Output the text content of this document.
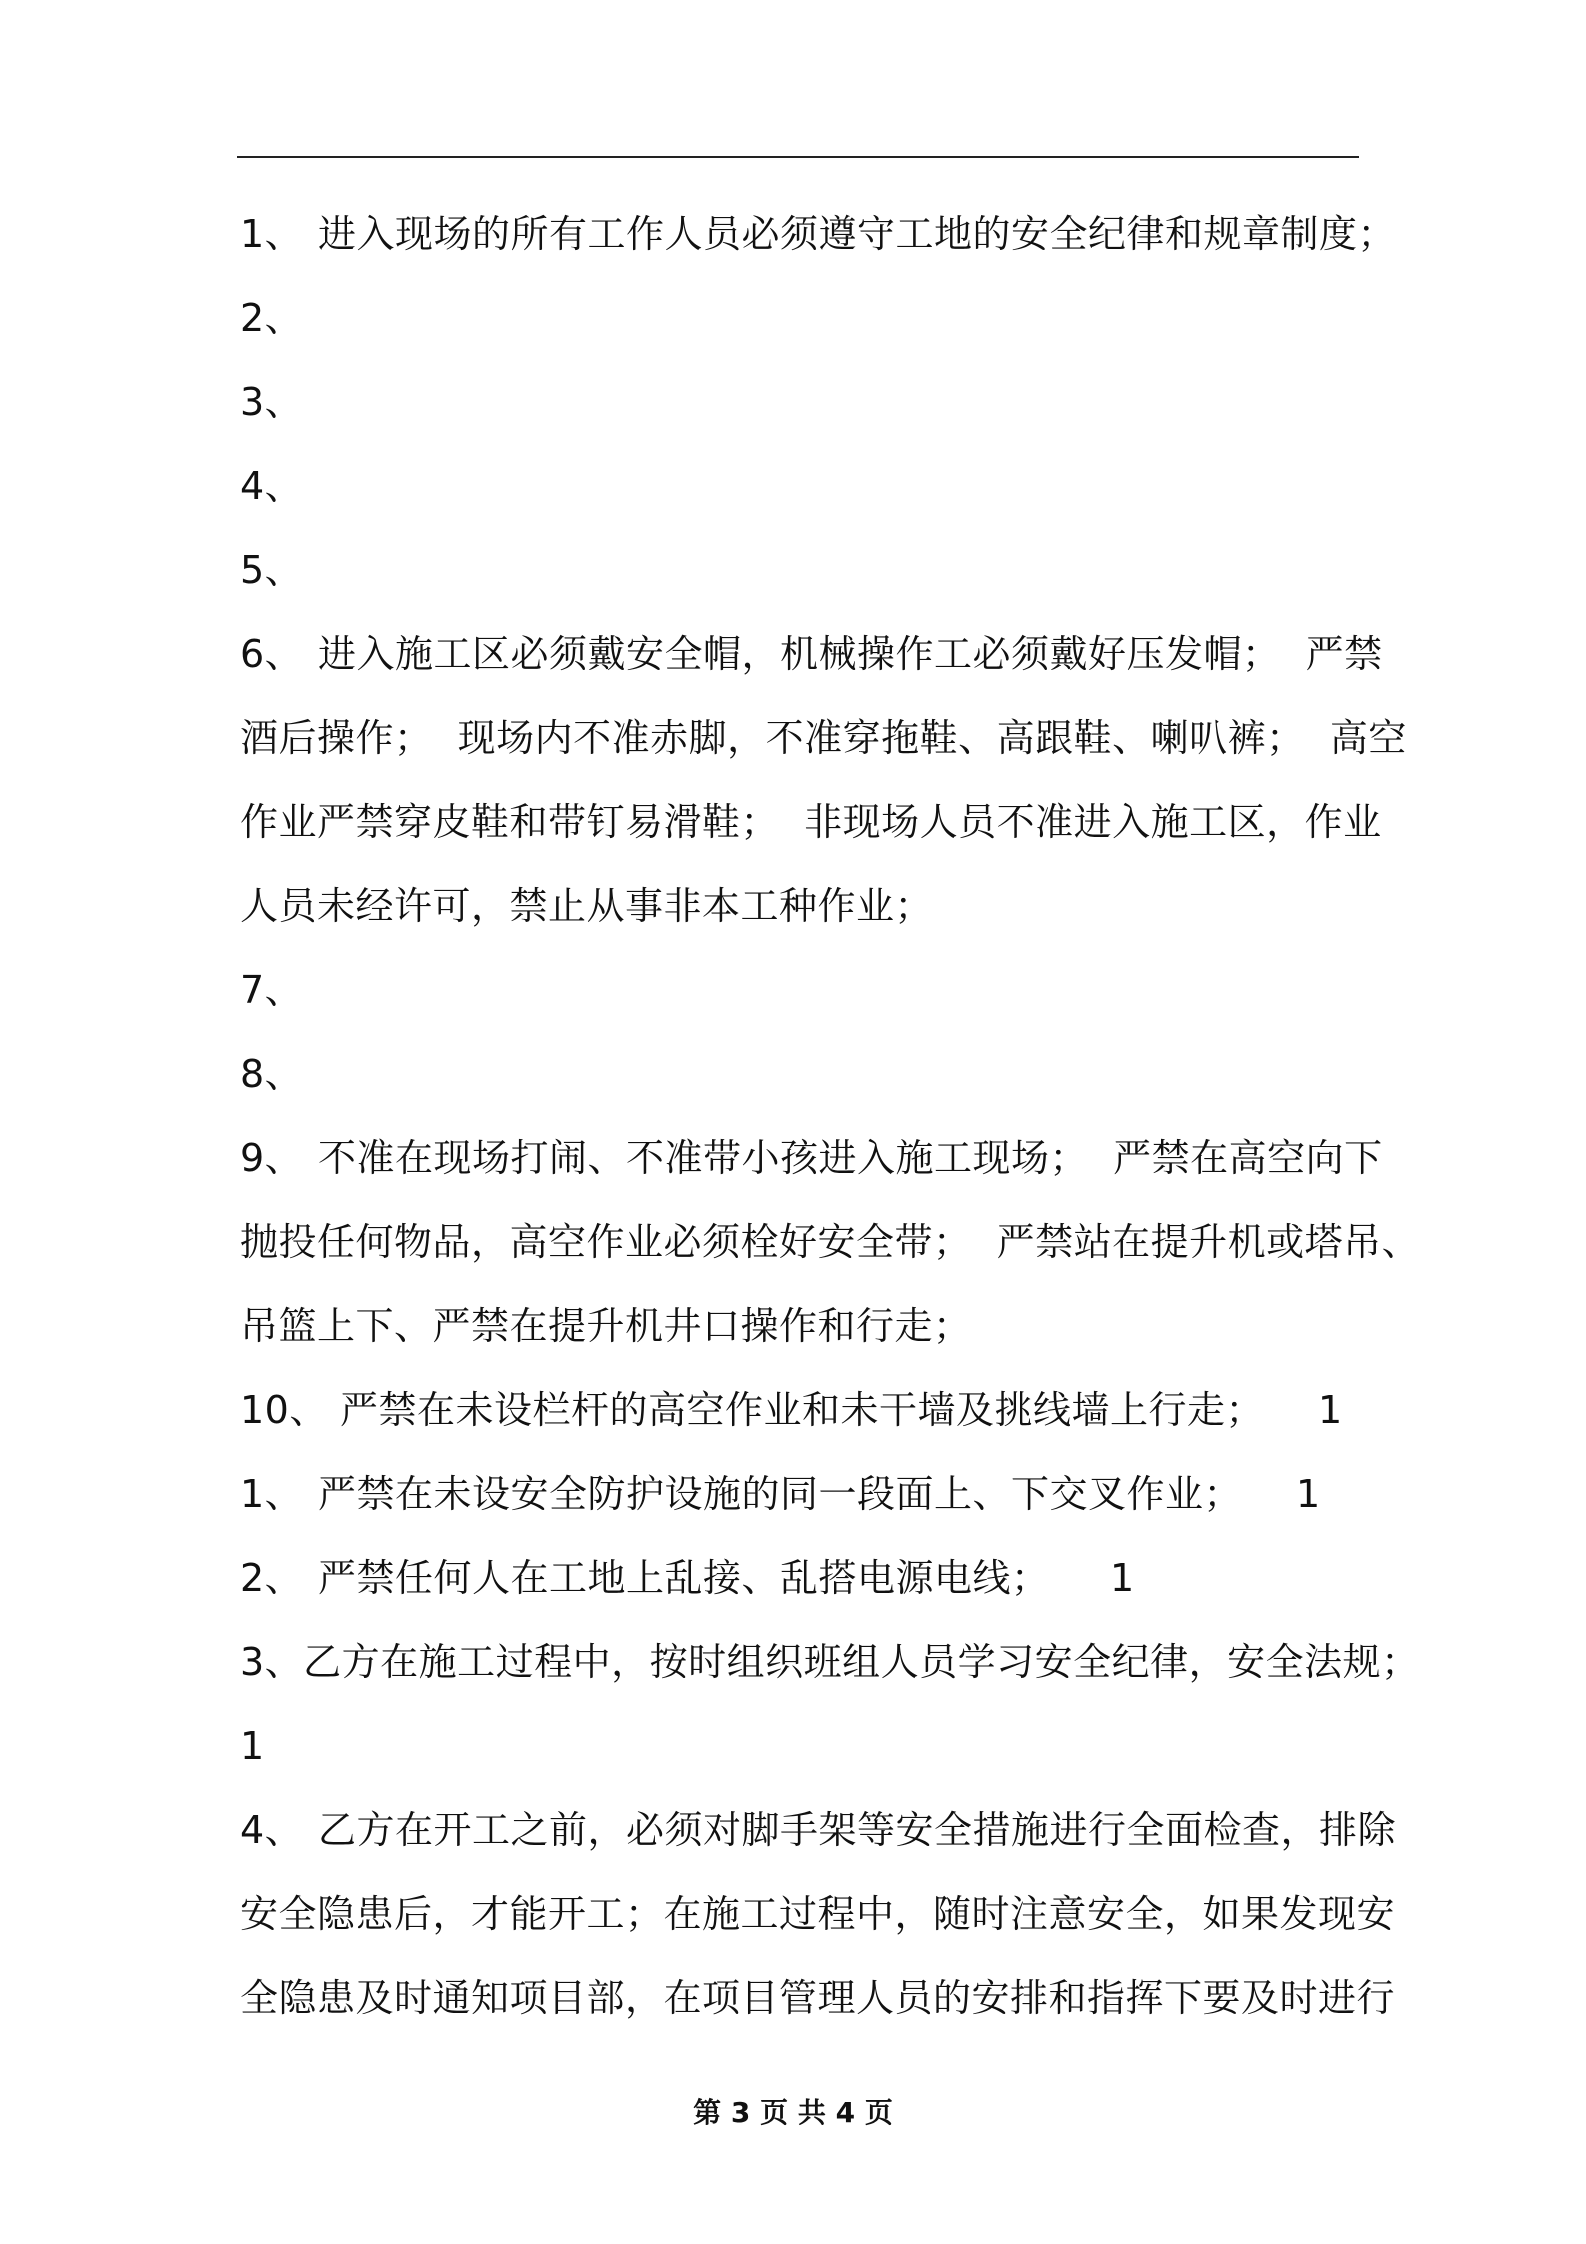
1、 进入现场的所有工作人员必须遵守工地的安全纪律和规章制度；
2、
3、
4、
5、
6、 进入施工区必须戴安全帽，机械操作工必须戴好压发帽；  严禁
酒后操作；  现场内不准赤脚，不准穿拖鞋、高跟鞋、喇叭裤；  高空
作业严禁穿皮鞋和带钉易滑鞋；  非现场人员不准进入施工区，作业
人员未经许可，禁止从事非本工种作业；
7、
8、
9、 不准在现场打闹、不准带小孩进入施工现场；  严禁在高空向下
抛投任何物品，高空作业必须栓好安全带；  严禁站在提升机或塔吊、
吊篮上下、严禁在提升机井口操作和行走；
10、 严禁在未设栏杆的高空作业和未干墙及挑线墙上行走； 1
1、 严禁在未设安全防护设施的同一段面上、下交叉作业； 1
2、 严禁任何人在工地上乱接、乱搭电源电线； 1
3、乙方在施工过程中，按时组织班组人员学习安全纪律，安全法规；
1
4、 乙方在开工之前，必须对脚手架等安全措施进行全面检查，排除
安全隐患后，才能开工；在施工过程中，随时注意安全，如果发现安
全隐患及时通知项目部，在项目管理人员的安排和指挥下要及时进行
第 3 页 共 4 页
